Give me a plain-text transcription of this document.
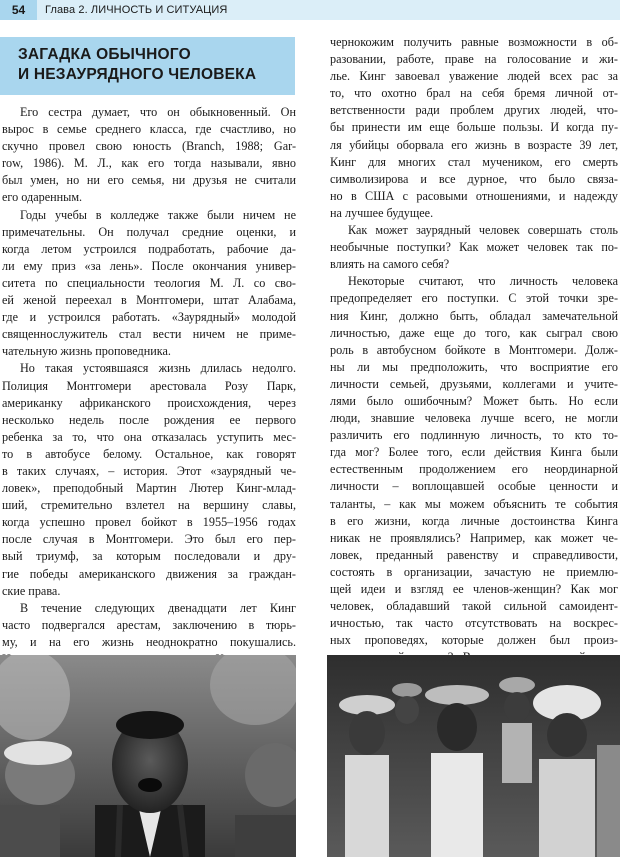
54	Глава 2. ЛИЧНОСТЬ И СИТУАЦИЯ
ЗАГАДКА ОБЫЧНОГО
И НЕЗАУРЯДНОГО ЧЕЛОВЕКА
Его сестра думает, что он обыкновенный. Он
вырос в семье среднего класса, где счастливо, но
скучно провел свою юность (Branch, 1988; Gar-
row, 1986). М. Л., как его тогда называли, явно
был умен, но ни его семья, ни друзья не считали
его одаренным.
Годы учебы в колледже также были ничем не
примечательны. Он получал средние оценки, и
когда летом устроился подработать, рабочие да-
ли ему приз «за лень». После окончания универ-
ситета по специальности теология М. Л. со сво-
ей женой переехал в Монтгомери, штат Алабама,
где и устроился работать. «Заурядный» молодой
священнослужитель стал вести ничем не приме-
чательную жизнь проповедника.
Но такая устоявшаяся жизнь длилась недолго.
Полиция Монтгомери арестовала Розу Парк,
американку африканского происхождения, через
несколько недель после рождения ее первого
ребенка за то, что она отказалась уступить мес-
то в автобусе белому. Остальное, как говорят
в таких случаях, – история. Этот «заурядный че-
ловек», преподобный Мартин Лютер Кинг-млад-
ший, стремительно взлетел на вершину славы,
когда успешно провел бойкот в 1955–1956 годах
после случая в Монтгомери. Это был его пер-
вый триумф, за которым последовали и дру-
гие победы американского движения за граждан-
ские права.
В течение следующих двенадцати лет Кинг
часто подвергался арестам, заключению в тюрь-
му, и на его жизнь неоднократно покушались.
чернокожим получить равные возможности в об-
разовании, работе, праве на голосование и жи-
лье. Кинг завоевал уважение людей всех рас за
то, что охотно брал на себя бремя личной от-
ветственности ради проблем других людей, что-
бы принести им еще больше пользы. И когда пу-
ля убийцы оборвала его жизнь в возрасте 39 лет,
Кинг для многих стал мучеником, его смерть
символизирова и все дурное, что было связа-
но в США с расовыми отношениями, и надежду
на лучшее будущее.
Как может заурядный человек совершать столь
необычные поступки? Как может человек так по-
влиять на самого себя?
Некоторые считают, что личность человека
предопределяет его поступки. С этой точки зре-
ния Кинг, должно быть, обладал замечательной
личностью, даже еще до того, как сыграл свою
роль в автобусном бойкоте в Монтгомери. Долж-
ны ли мы предположить, что восприятие его
личности семьей, друзьями, коллегами и учите-
лями было ошибочным? Может быть. Но если
люди, знавшие человека лучше всего, не могли
различить его подлинную личность, то кто то-
гда мог? Более того, если действия Кинга были
естественным продолжением его неординарной
личности – воплощавшей особые ценности и
таланты, – как мы можем объяснить те события
в его жизни, когда личные достоинства Кинга
никак не проявлялись? Например, как может че-
ловек, преданный равенству и справедливости,
состоять в организации, зачастую не приемлю-
щей идеи и взгляд ее членов-женщин? Как мог
человек, обладавший такой сильной самоидент-
ичностью, так часто отсутствовать на воскрес-
ных проповедях, которые должен был произ-
